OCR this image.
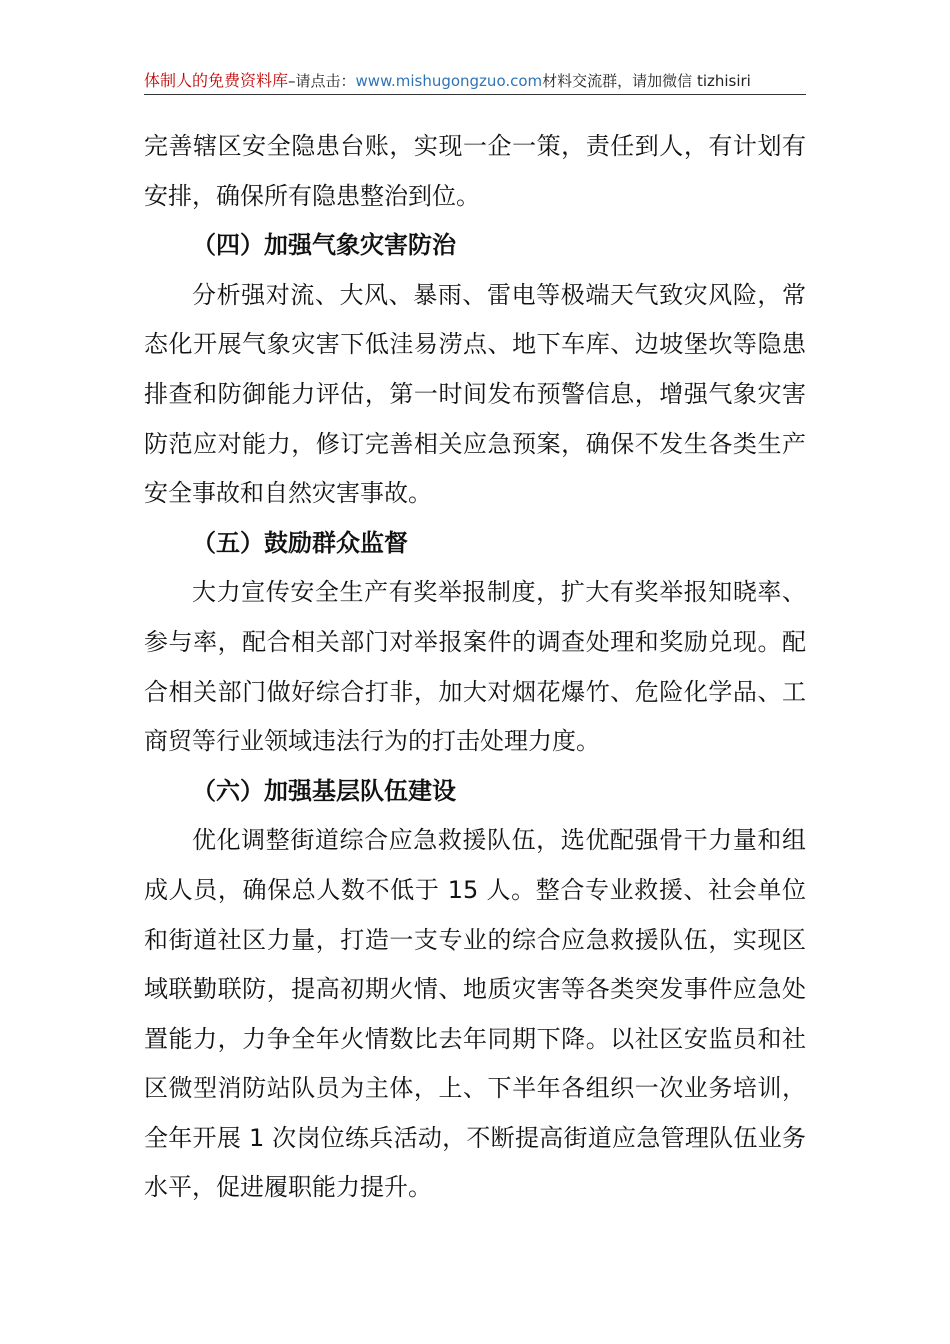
体制人的免费资料库–请点击：www.mishugongzuo.com材料交流群，请加微信 tizhisiri

完善辖区安全隐患台账，实现一企一策，责任到人，有计划有安排，确保所有隐患整治到位。

（四）加强气象灾害防治

分析强对流、大风、暴雨、雷电等极端天气致灾风险，常态化开展气象灾害下低洼易涝点、地下车库、边坡堡坎等隐患排查和防御能力评估，第一时间发布预警信息，增强气象灾害防范应对能力，修订完善相关应急预案，确保不发生各类生产安全事故和自然灾害事故。

（五）鼓励群众监督

大力宣传安全生产有奖举报制度，扩大有奖举报知晓率、参与率，配合相关部门对举报案件的调查处理和奖励兑现。配合相关部门做好综合打非，加大对烟花爆竹、危险化学品、工商贸等行业领域违法行为的打击处理力度。

（六）加强基层队伍建设

优化调整街道综合应急救援队伍，选优配强骨干力量和组成人员，确保总人数不低于 15 人。整合专业救援、社会单位和街道社区力量，打造一支专业的综合应急救援队伍，实现区域联勤联防，提高初期火情、地质灾害等各类突发事件应急处置能力，力争全年火情数比去年同期下降。以社区安监员和社区微型消防站队员为主体，上、下半年各组织一次业务培训，全年开展 1 次岗位练兵活动，不断提高街道应急管理队伍业务水平，促进履职能力提升。
